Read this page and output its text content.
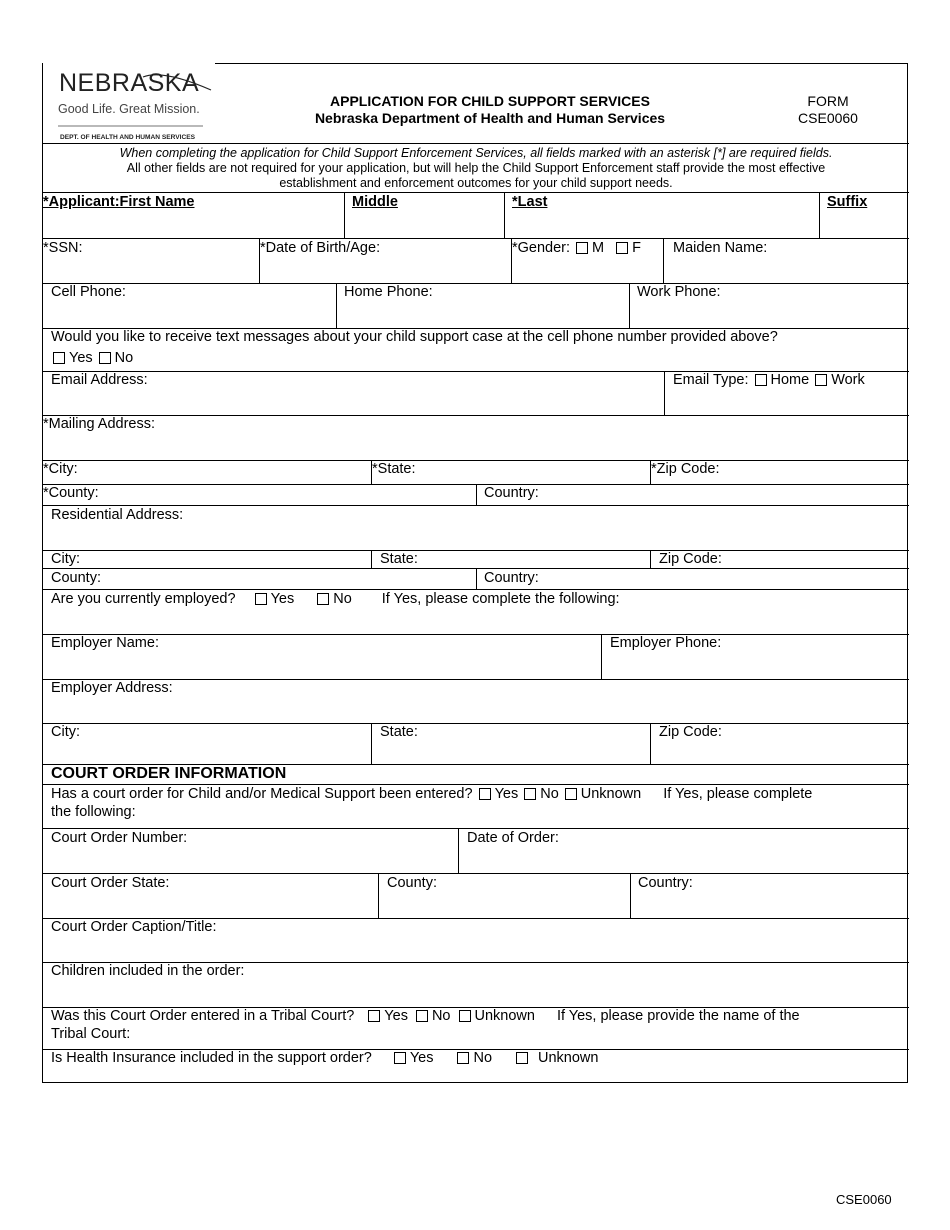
NEBRASKA
Good Life. Great Mission.
DEPT. OF HEALTH AND HUMAN SERVICES
APPLICATION FOR CHILD SUPPORT SERVICES
Nebraska Department of Health and Human Services
FORM
CSE0060
When completing the application for Child Support Enforcement Services, all fields marked with an asterisk [*] are required fields.
All other fields are not required for your application, but will help the Child Support Enforcement staff provide the most effective
establishment and enforcement outcomes for your child support needs.
*Applicant:First Name	Middle	*Last	Suffix
*SSN:	*Date of Birth/Age:	*Gender: M F Maiden Name:
Cell Phone:	Home Phone:	Work Phone:
Would you like to receive text messages about your child support case at the cell phone number provided above?
Yes No
Email Address:	Email Type: Home Work
*Mailing Address:
*City:	*State:	*Zip Code:
*County:	Country:
Residential Address:
City:	State:	Zip Code:
County:	Country:
Are you currently employed? Yes	No If Yes, please complete the following:
Employer Name:	Employer Phone:
Employer Address:
City:	State:	Zip Code:
COURT ORDER INFORMATION
Has a court order for Child and/or Medical Support been entered? Yes No Unknown If Yes, please complete
the following:
Court Order Number:	Date of Order:
Court Order State:	County:	Country:
Court Order Caption/Title:
Children included in the order:
Was this Court Order entered in a Tribal Court? Yes No Unknown If Yes, please provide the name of the
Tribal Court:
Is Health Insurance included in the support order?	Yes	No	Unknown
CSE0060
